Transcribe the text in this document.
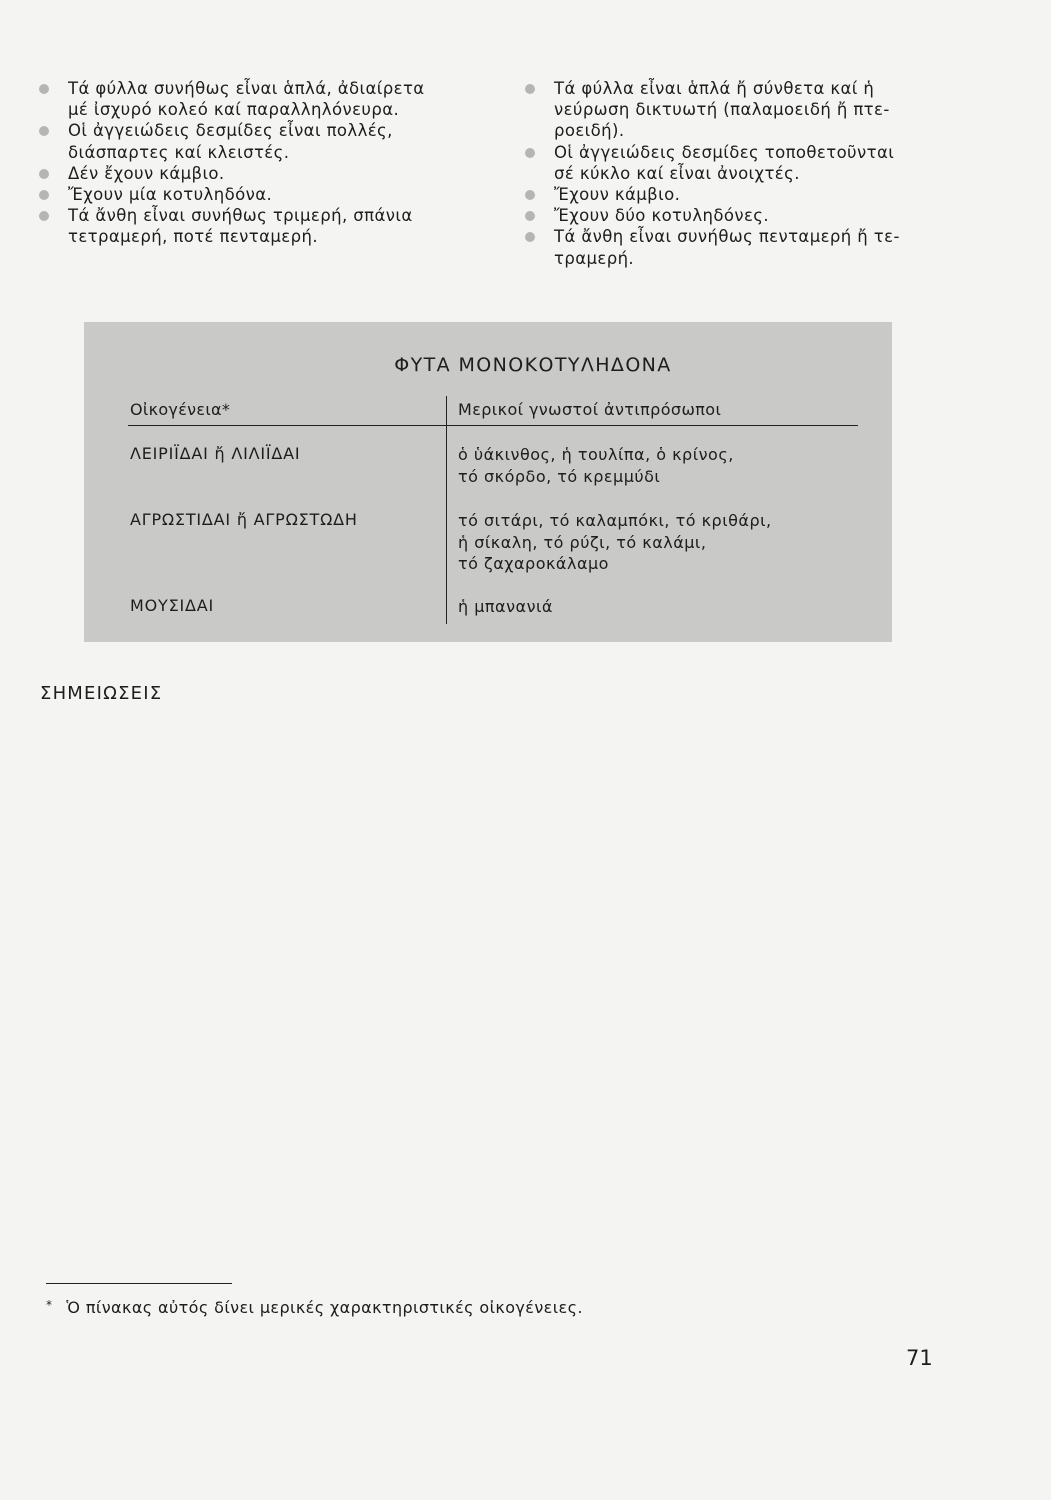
Τά φύλλα συνήθως εἶναι ἁπλά, ἀδιαίρετα
μέ ἰσχυρό κολεό καί παραλληλόνευρα.
Οἱ ἀγγειώδεις δεσμίδες εἶναι πολλές,
διάσπαρτες καί κλειστές.
Δέν ἔχουν κάμβιο.
Ἔχουν μία κοτυληδόνα.
Τά ἄνθη εἶναι συνήθως τριμερή, σπάνια
τετραμερή, ποτέ πενταμερή.
Τά φύλλα εἶναι ἁπλά ἤ σύνθετα καί ἡ
νεύρωση δικτυωτή (παλαμοειδή ἤ πτε-
ροειδή).
Οἱ ἀγγειώδεις δεσμίδες τοποθετοῦνται
σέ κύκλο καί εἶναι ἀνοιχτές.
Ἔχουν κάμβιο.
Ἔχουν δύο κοτυληδόνες.
Τά ἄνθη εἶναι συνήθως πενταμερή ἤ τε-
τραμερή.
ΦΥΤΑ ΜΟΝΟΚΟΤΥΛΗΔΟΝΑ
Οἰκογένεια*	Μερικοί γνωστοί ἀντιπρόσωποι
ΛΕΙΡΙΪΔΑΙ ἤ ΛΙΛΙΪΔΑΙ	ὁ ὑάκινθος, ἡ τουλίπα, ὁ κρίνος,
τό σκόρδο, τό κρεμμύδι
ΑΓΡΩΣΤΙΔΑΙ ἤ ΑΓΡΩΣΤΩΔΗ	τό σιτάρι, τό καλαμπόκι, τό κριθάρι,
ἡ σίκαλη, τό ρύζι, τό καλάμι,
τό ζαχαροκάλαμο
ΜΟΥΣΙΔΑΙ	ἡ μπανανιά
ΣΗΜΕΙΩΣΕΙΣ
* Ὁ πίνακας αὐτός δίνει μερικές χαρακτηριστικές οἰκογένειες.
71
